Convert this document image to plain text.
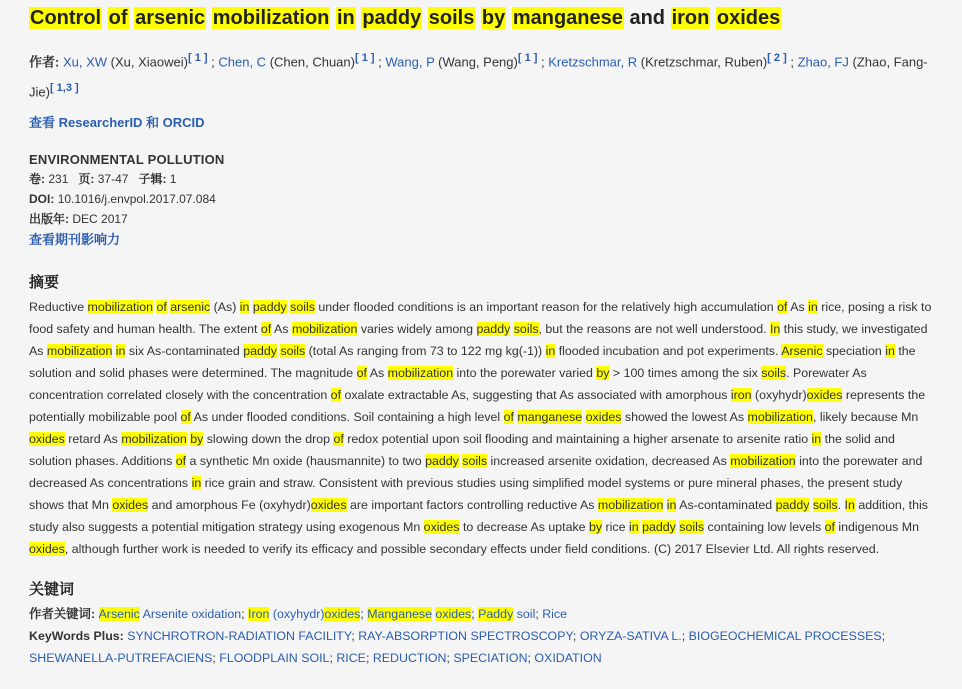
Control of arsenic mobilization in paddy soils by manganese and iron oxides
作者: Xu, XW (Xu, Xiaowei)[ 1 ] ; Chen, C (Chen, Chuan)[ 1 ] ; Wang, P (Wang, Peng)[ 1 ] ; Kretzschmar, R (Kretzschmar, Ruben)[ 2 ] ; Zhao, FJ (Zhao, Fang-Jie)[ 1,3 ]
查看 ResearcherID 和 ORCID
ENVIRONMENTAL POLLUTION
卷: 231 页: 37-47 子辑: 1
DOI: 10.1016/j.envpol.2017.07.084
出版年: DEC 2017
查看期刊影响力
摘要

Reductive mobilization of arsenic (As) in paddy soils under flooded conditions is an important reason for the relatively high accumulation of As in rice, posing a risk to food safety and human health. The extent of As mobilization varies widely among paddy soils, but the reasons are not well understood. In this study, we investigated As mobilization in six As-contaminated paddy soils (total As ranging from 73 to 122 mg kg(-1)) in flooded incubation and pot experiments. Arsenic speciation in the solution and solid phases were determined. The magnitude of As mobilization into the porewater varied by > 100 times among the six soils. Porewater As concentration correlated closely with the concentration of oxalate extractable As, suggesting that As associated with amorphous iron (oxyhydr)oxides represents the potentially mobilizable pool of As under flooded conditions. Soil containing a high level of manganese oxides showed the lowest As mobilization, likely because Mn oxides retard As mobilization by slowing down the drop of redox potential upon soil flooding and maintaining a higher arsenate to arsenite ratio in the solid and solution phases. Additions of a synthetic Mn oxide (hausmannite) to two paddy soils increased arsenite oxidation, decreased As mobilization into the porewater and decreased As concentrations in rice grain and straw. Consistent with previous studies using simplified model systems or pure mineral phases, the present study shows that Mn oxides and amorphous Fe (oxyhydr)oxides are important factors controlling reductive As mobilization in As-contaminated paddy soils. In addition, this study also suggests a potential mitigation strategy using exogenous Mn oxides to decrease As uptake by rice in paddy soils containing low levels of indigenous Mn oxides, although further work is needed to verify its efficacy and possible secondary effects under field conditions. (C) 2017 Elsevier Ltd. All rights reserved.

关键词
作者关键词: Arsenic Arsenite oxidation; Iron (oxyhydr)oxides; Manganese oxides; Paddy soil; Rice
KeyWords Plus: SYNCHROTRON-RADIATION FACILITY; RAY-ABSORPTION SPECTROSCOPY; ORYZA-SATIVA L.; BIOGEOCHEMICAL PROCESSES; SHEWANELLA-PUTREFACIENS; FLOODPLAIN SOIL; RICE; REDUCTION; SPECIATION; OXIDATION
